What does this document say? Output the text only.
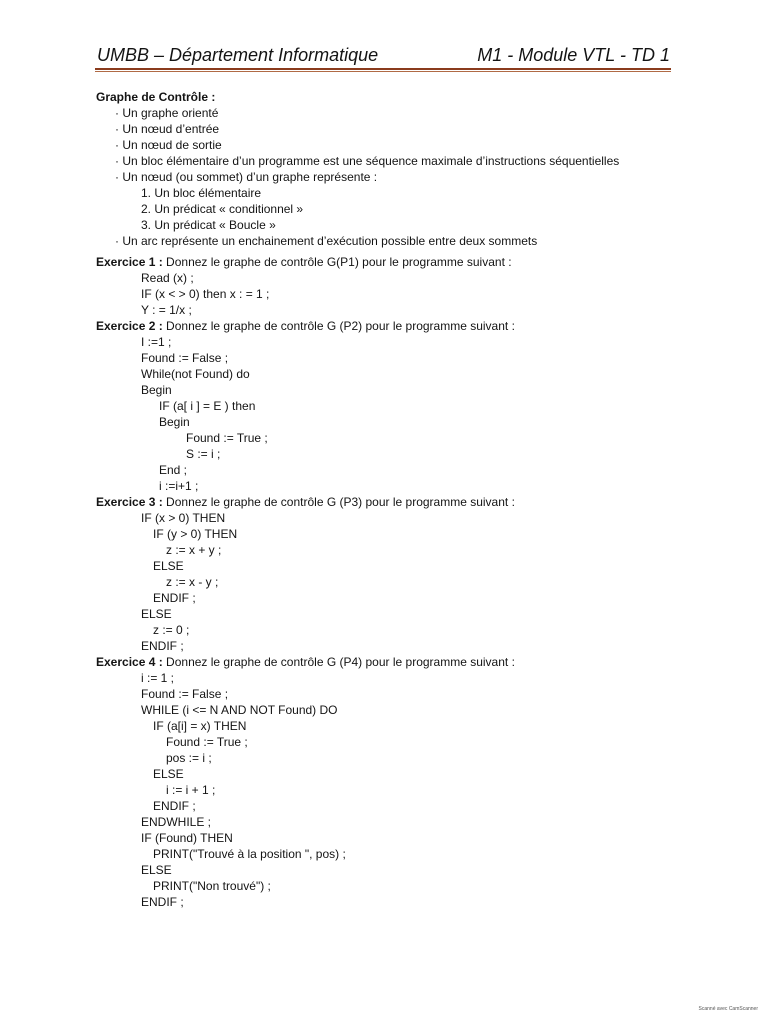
UMBB – Département Informatique	M1 - Module VTL - TD 1
Graphe de Contrôle :
· Un graphe orienté
· Un nœud d’entrée
· Un nœud de sortie
· Un bloc élémentaire d’un programme est une séquence maximale d’instructions séquentielles
· Un nœud (ou sommet) d’un graphe représente :
1. Un bloc élémentaire
2. Un prédicat « conditionnel »
3. Un prédicat « Boucle »
· Un arc représente un enchainement d’exécution possible entre deux sommets
Exercice 1 : Donnez le graphe de contrôle G(P1) pour le programme suivant :
Read (x) ;
IF (x < > 0) then x : = 1 ;
Y : = 1/x ;
Exercice 2 : Donnez le graphe de contrôle G (P2) pour le programme suivant :
I :=1 ;
Found := False ;
While(not Found) do
Begin
IF (a[ i ] = E ) then
Begin
Found := True ;
S := i ;
End ;
i :=i+1 ;
Exercice 3 : Donnez le graphe de contrôle G (P3) pour le programme suivant :
IF (x > 0) THEN
IF (y > 0) THEN
z := x + y ;
ELSE
z := x - y ;
ENDIF ;
ELSE
z := 0 ;
ENDIF ;
Exercice 4 : Donnez le graphe de contrôle G (P4) pour le programme suivant :
i := 1 ;
Found := False ;
WHILE (i <= N AND NOT Found) DO
IF (a[i] = x) THEN
Found := True ;
pos := i ;
ELSE
i := i + 1 ;
ENDIF ;
ENDWHILE ;
IF (Found) THEN
PRINT("Trouvé à la position ", pos) ;
ELSE
PRINT("Non trouvé") ;
ENDIF ;
Scanné avec CamScanner
